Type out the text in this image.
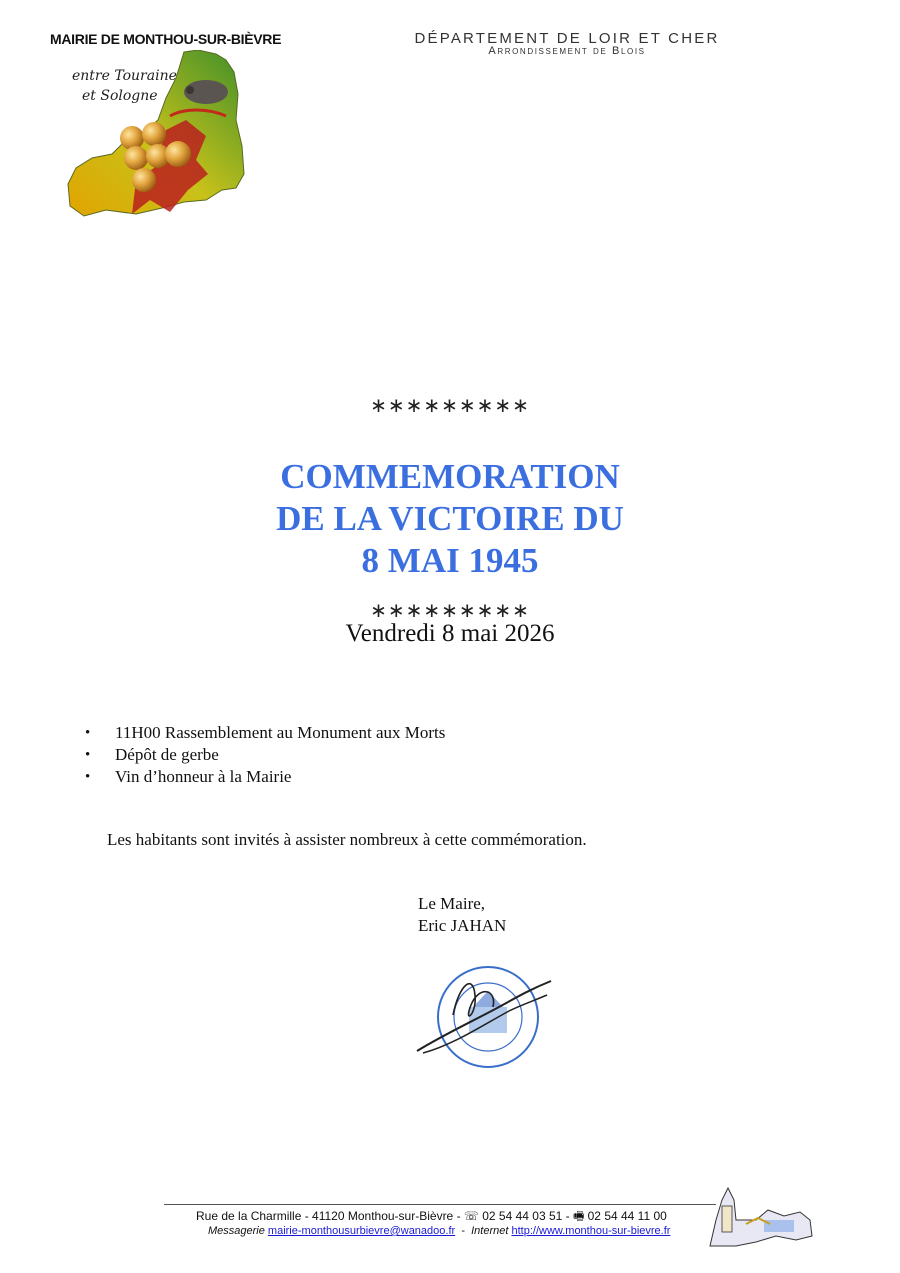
MAIRIE DE MONTHOU-SUR-BIÈVRE
entre Touraine
et Sologne
DÉPARTEMENT DE LOIR ET CHER
Arrondissement de Blois
∗∗∗∗∗∗∗∗∗
COMMEMORATION
DE LA VICTOIRE DU
8 MAI 1945
∗∗∗∗∗∗∗∗∗
Vendredi 8 mai 2026
• 11H00 Rassemblement au Monument aux Morts
• Dépôt de gerbe
• Vin d’honneur à la Mairie
Les habitants sont invités à assister nombreux à cette commémoration.
Le Maire,
Eric JAHAN
Rue de la Charmille - 41120 Monthou-sur-Bièvre - ☏ 02 54 44 03 51 - 🖷 02 54 44 11 00
Messagerie mairie-monthousurbievre@wanadoo.fr - Internet http://www.monthou-sur-bievre.fr
